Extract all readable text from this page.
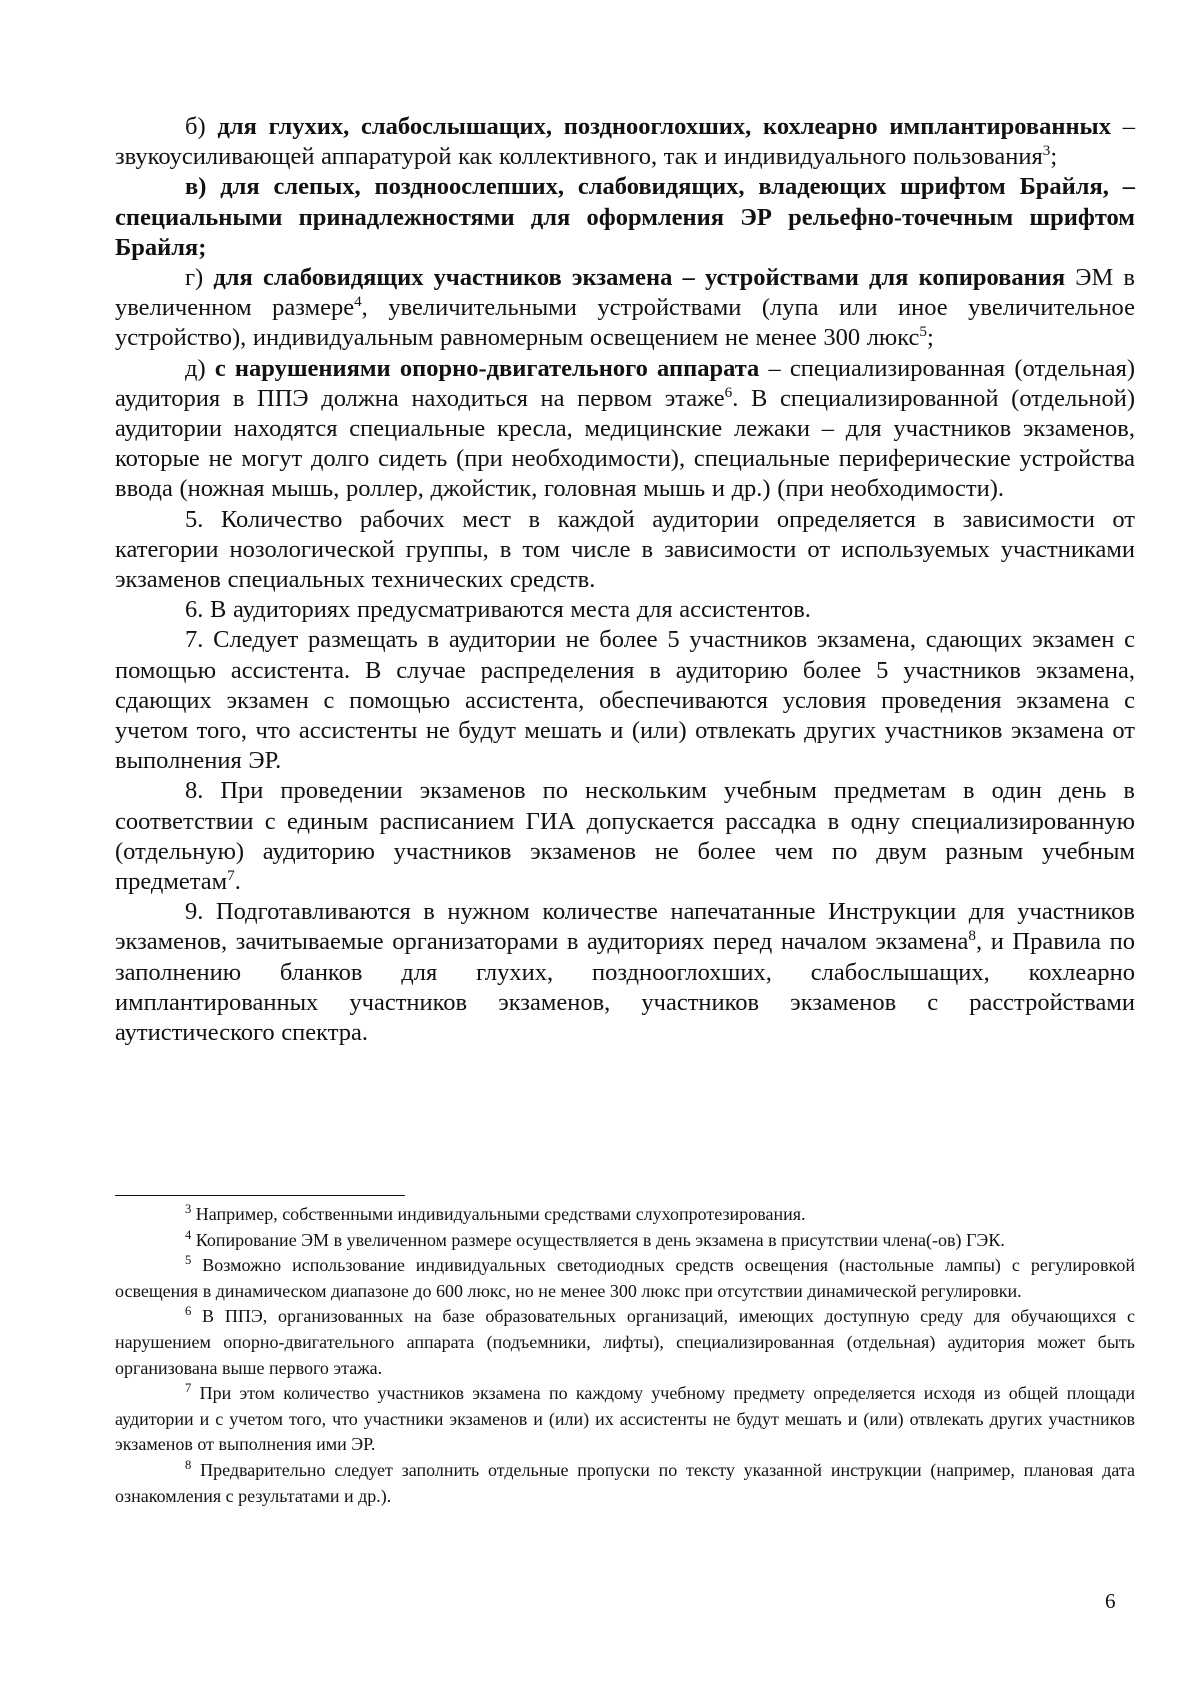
б) для глухих, слабослышащих, позднооглохших, кохлеарно имплантированных – звукоусиливающей аппаратурой как коллективного, так и индивидуального пользования$^3$;

в) для слепых, поздноослепших, слабовидящих, владеющих шрифтом Брайля, – специальными принадлежностями для оформления ЭР рельефно-точечным шрифтом Брайля;

г) для слабовидящих участников экзамена – устройствами для копирования ЭМ в увеличенном размере$^4$, увеличительными устройствами (лупа или иное увеличительное устройство), индивидуальным равномерным освещением не менее 300 люкс$^5$;

д) с нарушениями опорно-двигательного аппарата – специализированная (отдельная) аудитория в ППЭ должна находиться на первом этаже$^6$. В специализированной (отдельной) аудитории находятся специальные кресла, медицинские лежаки – для участников экзаменов, которые не могут долго сидеть (при необходимости), специальные периферические устройства ввода (ножная мышь, роллер, джойстик, головная мышь и др.) (при необходимости).

5. Количество рабочих мест в каждой аудитории определяется в зависимости от категории нозологической группы, в том числе в зависимости от используемых участниками экзаменов специальных технических средств.

6. В аудиториях предусматриваются места для ассистентов.

7. Следует размещать в аудитории не более 5 участников экзамена, сдающих экзамен с помощью ассистента. В случае распределения в аудиторию более 5 участников экзамена, сдающих экзамен с помощью ассистента, обеспечиваются условия проведения экзамена с учетом того, что ассистенты не будут мешать и (или) отвлекать других участников экзамена от выполнения ЭР.

8. При проведении экзаменов по нескольким учебным предметам в один день в соответствии с единым расписанием ГИА допускается рассадка в одну специализированную (отдельную) аудиторию участников экзаменов не более чем по двум разным учебным предметам$^7$.

9. Подготавливаются в нужном количестве напечатанные Инструкции для участников экзаменов, зачитываемые организаторами в аудиториях перед началом экзамена$^8$, и Правила по заполнению бланков для глухих, позднооглохших, слабослышащих, кохлеарно имплантированных участников экзаменов, участников экзаменов с расстройствами аутистического спектра.

$^3$ Например, собственными индивидуальными средствами слухопротезирования.

$^4$ Копирование ЭМ в увеличенном размере осуществляется в день экзамена в присутствии члена(-ов) ГЭК.

$^5$ Возможно использование индивидуальных светодиодных средств освещения (настольные лампы) с регулировкой освещения в динамическом диапазоне до 600 люкс, но не менее 300 люкс при отсутствии динамической регулировки.

$^6$ В ППЭ, организованных на базе образовательных организаций, имеющих доступную среду для обучающихся с нарушением опорно-двигательного аппарата (подъемники, лифты), специализированная (отдельная) аудитория может быть организована выше первого этажа.

$^7$ При этом количество участников экзамена по каждому учебному предмету определяется исходя из общей площади аудитории и с учетом того, что участники экзаменов и (или) их ассистенты не будут мешать и (или) отвлекать других участников экзаменов от выполнения ими ЭР.

$^8$ Предварительно следует заполнить отдельные пропуски по тексту указанной инструкции (например, плановая дата ознакомления с результатами и др.).

6
